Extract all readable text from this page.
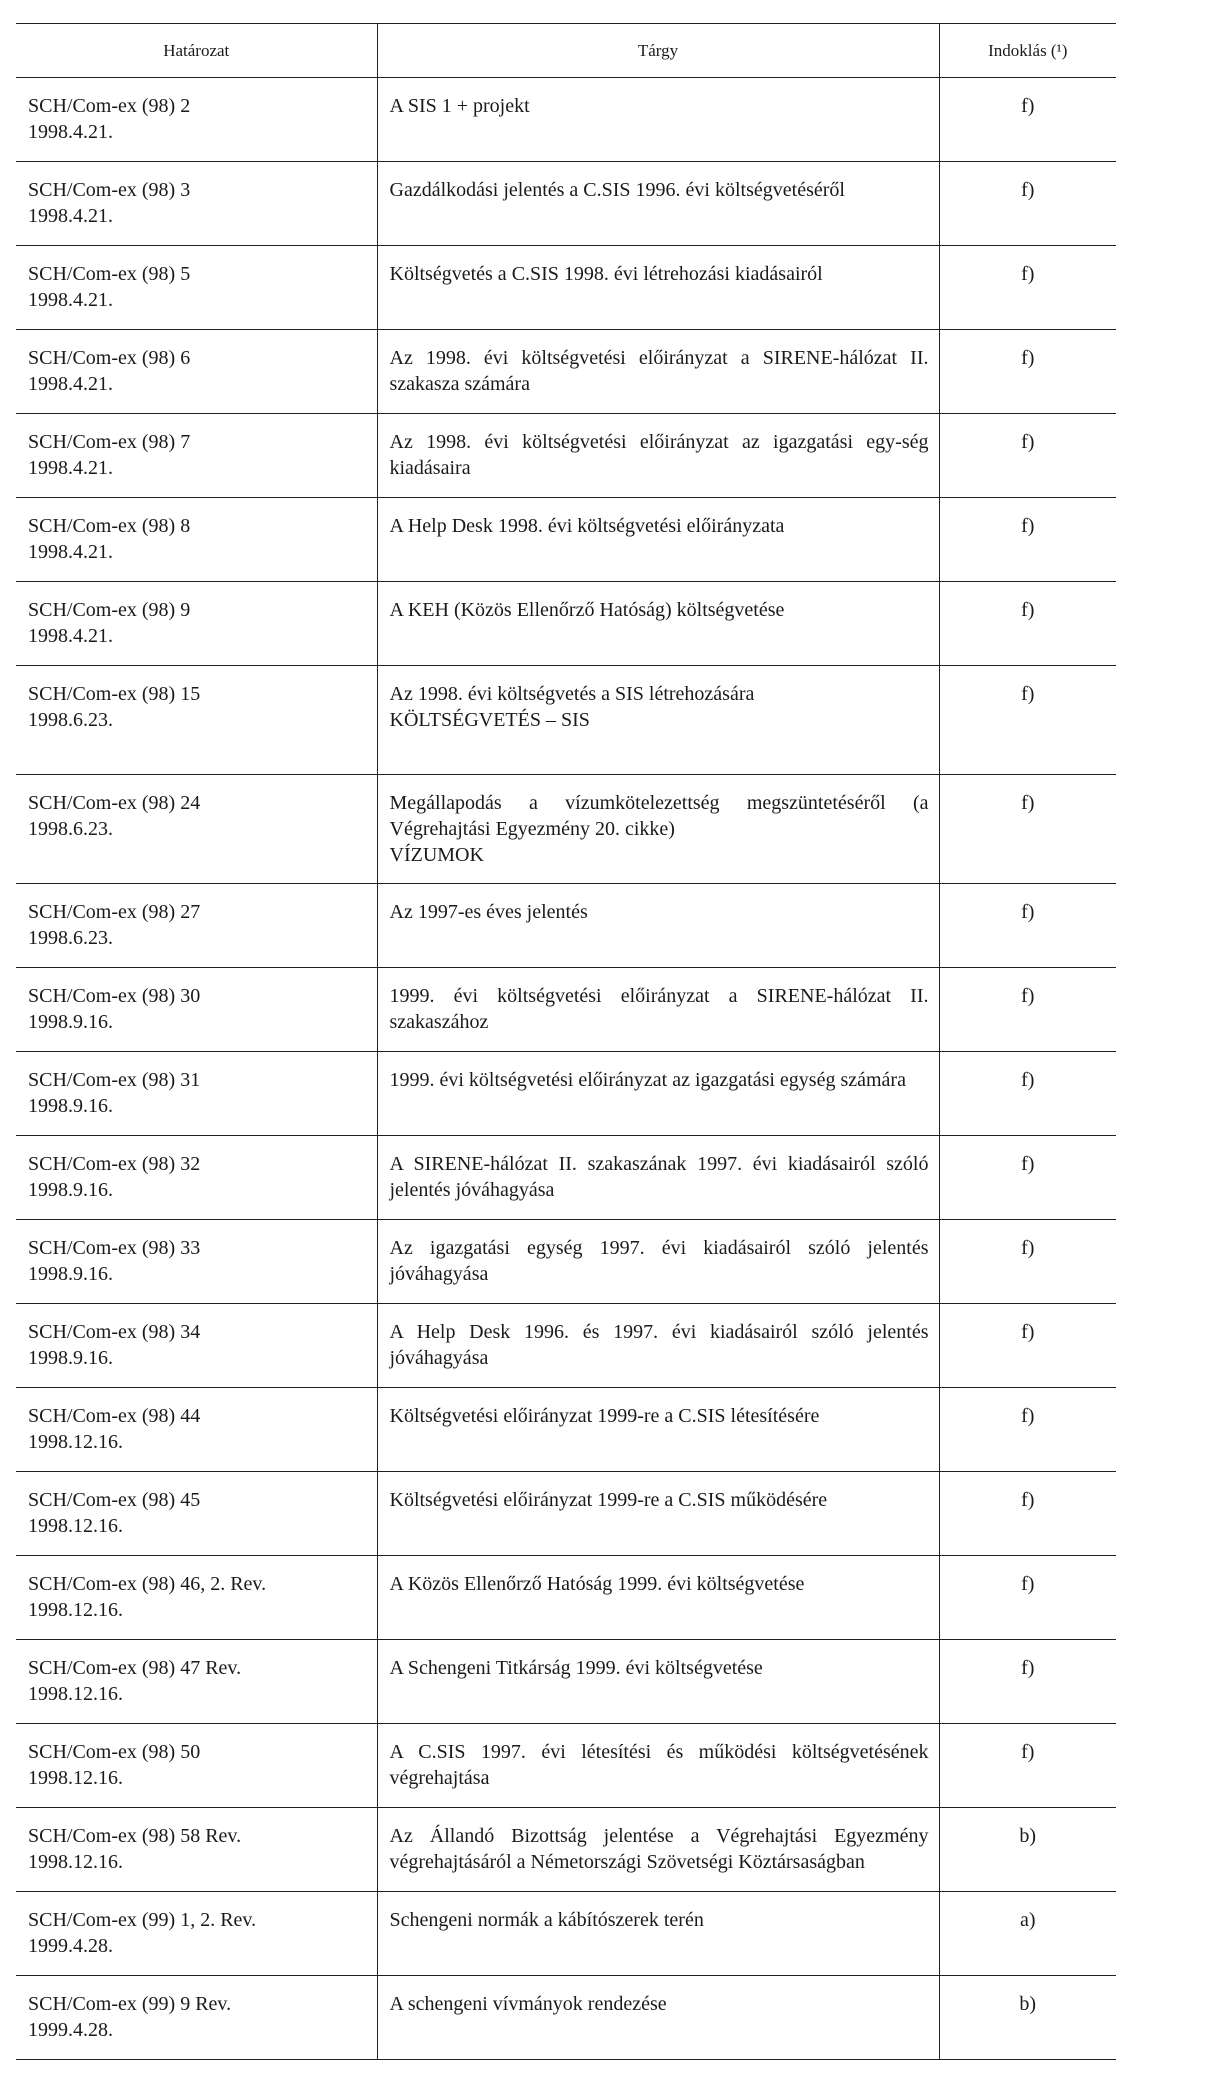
Határozat	Tárgy	Indoklás (¹)

SCH/Com-ex (98) 2
1998.4.21.	A SIS 1 + projekt	f)

SCH/Com-ex (98) 3
1998.4.21.	Gazdálkodási jelentés a C.SIS 1996. évi költségvetéséről	f)

SCH/Com-ex (98) 5
1998.4.21.	Költségvetés a C.SIS 1998. évi létrehozási kiadásairól	f)

SCH/Com-ex (98) 6
1998.4.21.	Az 1998. évi költségvetési előirányzat a SIRENE-hálózat II. szakasza számára	f)

SCH/Com-ex (98) 7
1998.4.21.	Az 1998. évi költségvetési előirányzat az igazgatási egy-ség kiadásaira	f)

SCH/Com-ex (98) 8
1998.4.21.	A Help Desk 1998. évi költségvetési előirányzata	f)

SCH/Com-ex (98) 9
1998.4.21.	A KEH (Közös Ellenőrző Hatóság) költségvetése	f)

SCH/Com-ex (98) 15
1998.6.23.	Az 1998. évi költségvetés a SIS létrehozására
KÖLTSÉGVETÉS – SIS	f)

SCH/Com-ex (98) 24
1998.6.23.	Megállapodás a vízumkötelezettség megszüntetéséről (a Végrehajtási Egyezmény 20. cikke)
VÍZUMOK	f)

SCH/Com-ex (98) 27
1998.6.23.	Az 1997-es éves jelentés	f)

SCH/Com-ex (98) 30
1998.9.16.	1999. évi költségvetési előirányzat a SIRENE-hálózat II. szakaszához	f)

SCH/Com-ex (98) 31
1998.9.16.	1999. évi költségvetési előirányzat az igazgatási egység számára	f)

SCH/Com-ex (98) 32
1998.9.16.	A SIRENE-hálózat II. szakaszának 1997. évi kiadásairól szóló jelentés jóváhagyása	f)

SCH/Com-ex (98) 33
1998.9.16.	Az igazgatási egység 1997. évi kiadásairól szóló jelentés jóváhagyása	f)

SCH/Com-ex (98) 34
1998.9.16.	A Help Desk 1996. és 1997. évi kiadásairól szóló jelentés jóváhagyása	f)

SCH/Com-ex (98) 44
1998.12.16.	Költségvetési előirányzat 1999-re a C.SIS létesítésére	f)

SCH/Com-ex (98) 45
1998.12.16.	Költségvetési előirányzat 1999-re a C.SIS működésére	f)

SCH/Com-ex (98) 46, 2. Rev.
1998.12.16.	A Közös Ellenőrző Hatóság 1999. évi költségvetése	f)

SCH/Com-ex (98) 47 Rev.
1998.12.16.	A Schengeni Titkárság 1999. évi költségvetése	f)

SCH/Com-ex (98) 50
1998.12.16.	A C.SIS 1997. évi létesítési és működési költségvetésének végrehajtása	f)

SCH/Com-ex (98) 58 Rev.
1998.12.16.	Az Állandó Bizottság jelentése a Végrehajtási Egyezmény végrehajtásáról a Németországi Szövetségi Köztársaságban	b)

SCH/Com-ex (99) 1, 2. Rev.
1999.4.28.	Schengeni normák a kábítószerek terén	a)

SCH/Com-ex (99) 9 Rev.
1999.4.28.	A schengeni vívmányok rendezése	b)
